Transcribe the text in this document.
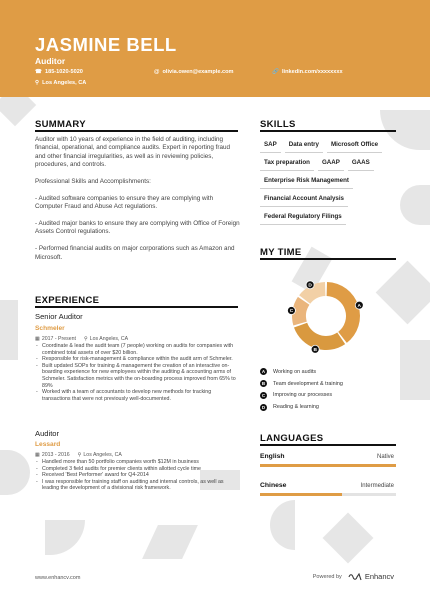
JASMINE BELL
Auditor
☎ 185-1020-5020	@ olivia.owen@example.com	🔗 linkedin.com/xxxxxxxx
⚲ Los Angeles, CA
SUMMARY

Auditor with 10 years of experience in the field of auditing, including financial, operational, and compliance audits. Expert in reporting fraud and other financial irregularities, as well as in reviewing policies, procedures, and controls.

Professional Skills and Accomplishments:

- Audited software companies to ensure they are complying with Computer Fraud and Abuse Act regulations.

- Audited major banks to ensure they are complying with Office of Foreign Assets Control regulations.

- Performed financial audits on major corporations such as Amazon and Microsoft.

SKILLS
SAP	Data entry	Microsoft Office
Tax preparation	GAAP	GAAS
Enterprise Risk Management
Financial Account Analysis
Federal Regulatory Filings
MY TIME
A
B
C
D
A	Working on audits
B	Team development & training
C	Improving our processes
D	Reading & learning
EXPERIENCE
Senior Auditor
Schmeler
▦ 2017 - Present ⚲ Los Angeles, CA
- Coordinate & lead the audit team (7 people) working on audits for companies with combined total assets of over $20 billion.
- Responsible for risk-management & compliance within the audit arm of Schmeler.
- Built updated SOPs for training & management the creation of an interactive on-boarding experience for new employees within the auditing & accounting arms of Schmeler. Satisfaction metrics with the on-boarding process improved from 65% to 89%
- Worked with a team of accountants to develop new methods for tracking transactions that were not previously well-documented.
Auditor
Lessard
▦ 2013 - 2016 ⚲ Los Angeles, CA
- Handled more than 50 portfolio companies worth $12M in business
- Completed 3 field audits for premier clients within allotted cycle time
- Received 'Best Performer' award for Q4-2014
- I was responsible for training staff on auditing and internal controls, as well as leading the development of a divisional risk framework.
LANGUAGES
English	Native
Chinese	Intermediate
www.enhancv.com	Powered by	Enhancv
